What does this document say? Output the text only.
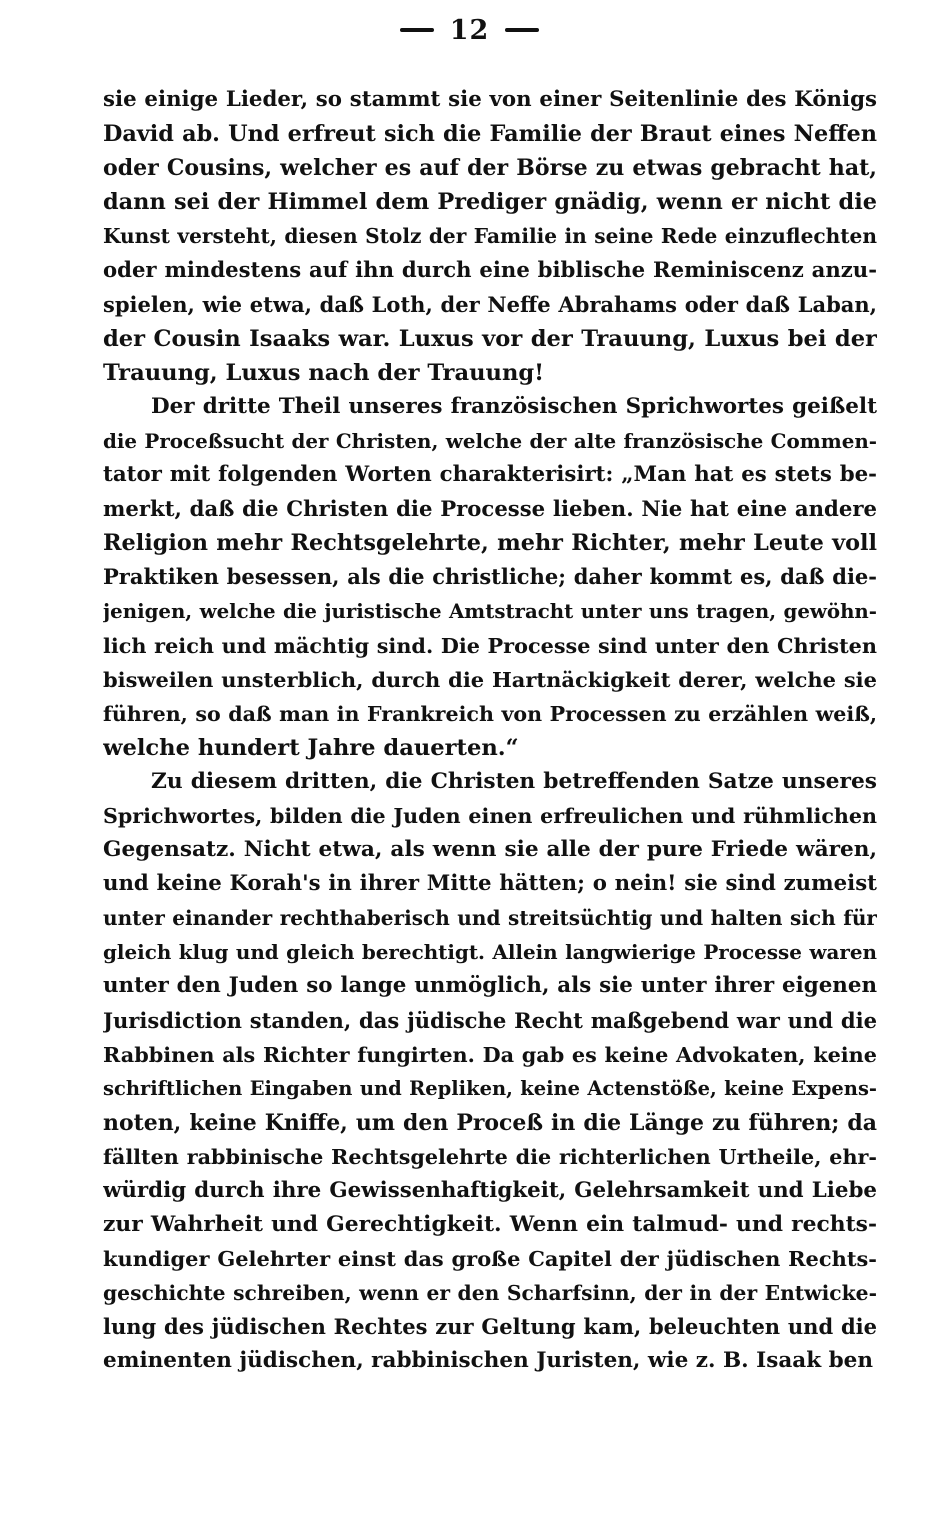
12
sie einige Lieder, so stammt sie von einer Seitenlinie des Königs
David ab. Und erfreut sich die Familie der Braut eines Neffen
oder Cousins, welcher es auf der Börse zu etwas gebracht hat,
dann sei der Himmel dem Prediger gnädig, wenn er nicht die
Kunst versteht, diesen Stolz der Familie in seine Rede einzuflechten
oder mindestens auf ihn durch eine biblische Reminiscenz anzu-
spielen, wie etwa, daß Loth, der Neffe Abrahams oder daß Laban,
der Cousin Isaaks war. Luxus vor der Trauung, Luxus bei der
Trauung, Luxus nach der Trauung!
Der dritte Theil unseres französischen Sprichwortes geißelt
die Proceßsucht der Christen, welche der alte französische Commen-
tator mit folgenden Worten charakterisirt: „Man hat es stets be-
merkt, daß die Christen die Processe lieben. Nie hat eine andere
Religion mehr Rechtsgelehrte, mehr Richter, mehr Leute voll
Praktiken besessen, als die christliche; daher kommt es, daß die-
jenigen, welche die juristische Amtstracht unter uns tragen, gewöhn-
lich reich und mächtig sind. Die Processe sind unter den Christen
bisweilen unsterblich, durch die Hartnäckigkeit derer, welche sie
führen, so daß man in Frankreich von Processen zu erzählen weiß,
welche hundert Jahre dauerten.“
Zu diesem dritten, die Christen betreffenden Satze unseres
Sprichwortes, bilden die Juden einen erfreulichen und rühmlichen
Gegensatz. Nicht etwa, als wenn sie alle der pure Friede wären,
und keine Korah's in ihrer Mitte hätten; o nein! sie sind zumeist
unter einander rechthaberisch und streitsüchtig und halten sich für
gleich klug und gleich berechtigt. Allein langwierige Processe waren
unter den Juden so lange unmöglich, als sie unter ihrer eigenen
Jurisdiction standen, das jüdische Recht maßgebend war und die
Rabbinen als Richter fungirten. Da gab es keine Advokaten, keine
schriftlichen Eingaben und Repliken, keine Actenstöße, keine Expens-
noten, keine Kniffe, um den Proceß in die Länge zu führen; da
fällten rabbinische Rechtsgelehrte die richterlichen Urtheile, ehr-
würdig durch ihre Gewissenhaftigkeit, Gelehrsamkeit und Liebe
zur Wahrheit und Gerechtigkeit. Wenn ein talmud- und rechts-
kundiger Gelehrter einst das große Capitel der jüdischen Rechts-
geschichte schreiben, wenn er den Scharfsinn, der in der Entwicke-
lung des jüdischen Rechtes zur Geltung kam, beleuchten und die
eminenten jüdischen, rabbinischen Juristen, wie z. B. Isaak ben
